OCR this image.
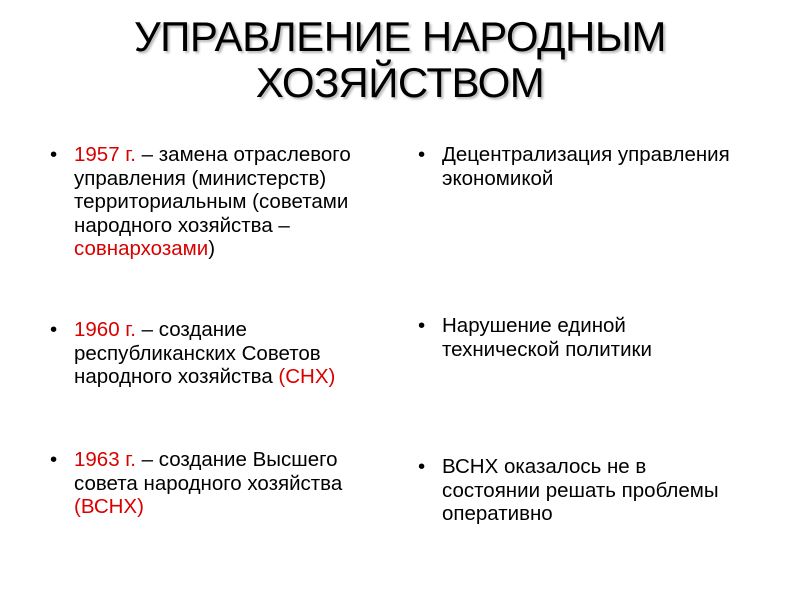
УПРАВЛЕНИЕ НАРОДНЫМ
ХОЗЯЙСТВОМ
• 1957 г. – замена отраслевого управления (министерств) территориальным (советами народного хозяйства – совнархозами)
• 1960 г. – создание республиканских Советов народного хозяйства (СНХ)
• 1963 г. – создание Высшего совета народного хозяйства (ВСНХ)
• Децентрализация управления экономикой
• Нарушение единой технической политики
• ВСНХ оказалось не в состоянии решать проблемы оперативно
